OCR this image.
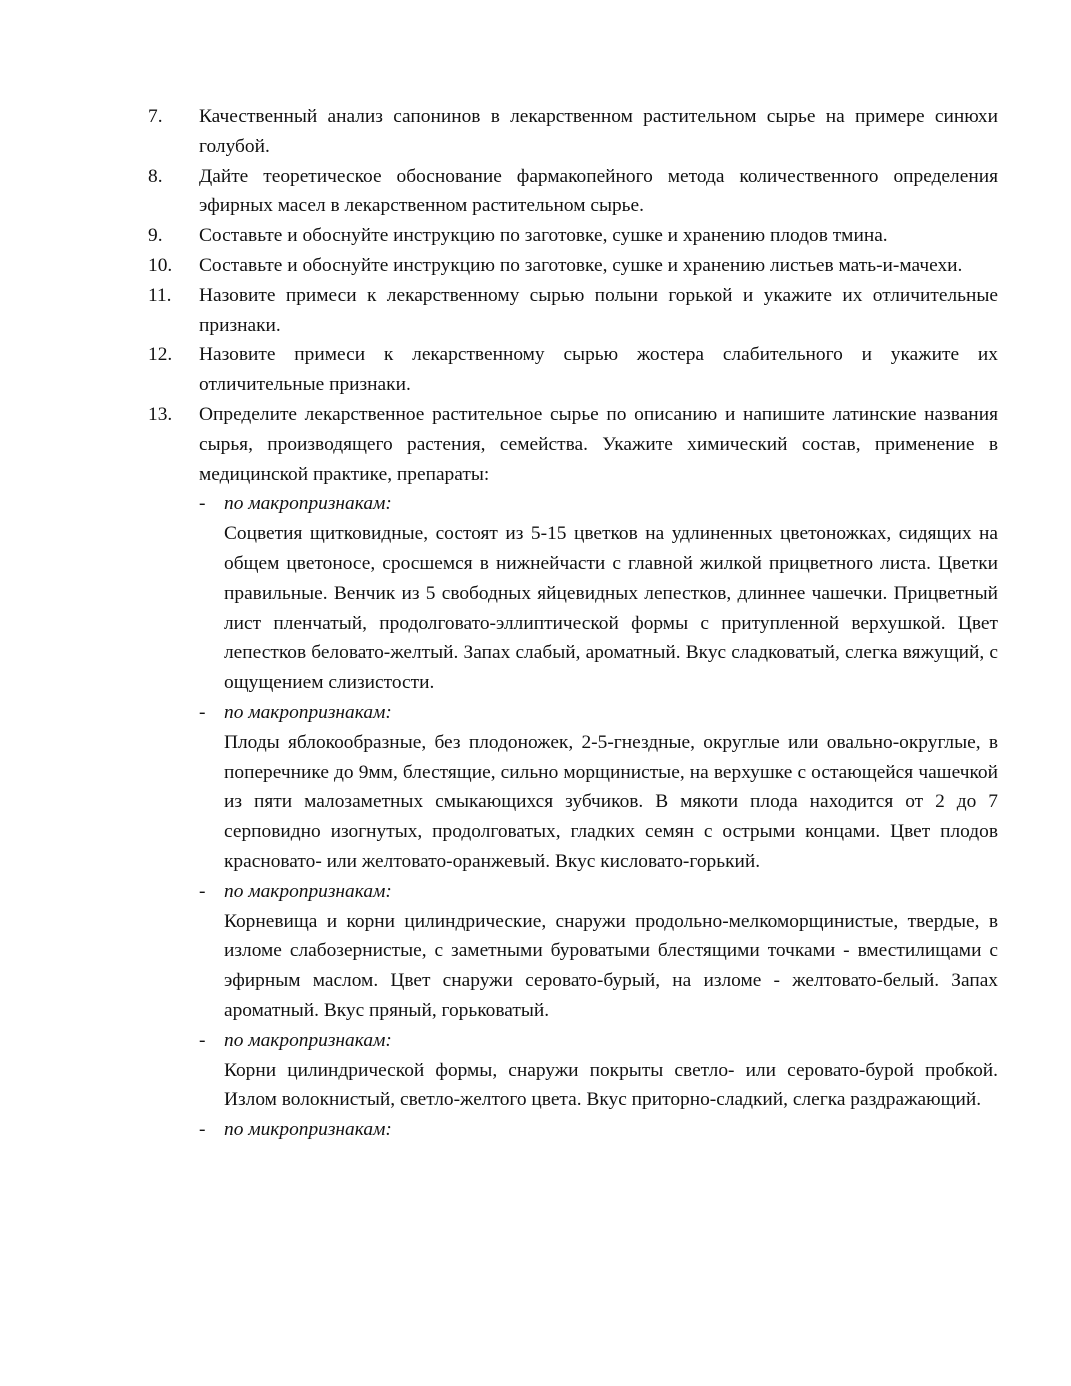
7. Качественный анализ сапонинов в лекарственном растительном сырье на примере синюхи голубой.
8. Дайте теоретическое обоснование фармакопейного метода количественного определения эфирных масел в лекарственном растительном сырье.
9. Составьте и обоснуйте инструкцию по заготовке, сушке и хранению плодов тмина.
10. Составьте и обоснуйте инструкцию по заготовке, сушке и хранению листьев мать-и-мачехи.
11. Назовите примеси к лекарственному сырью полыни горькой и укажите их отличительные признаки.
12. Назовите примеси к лекарственному сырью жостера слабительного и укажите их отличительные признаки.
13. Определите лекарственное растительное сырье по описанию и напишите латинские названия сырья, производящего растения, семейства. Укажите химический состав, применение в медицинской практике, препараты:
- по макропризнакам:
Соцветия щитковидные, состоят из 5-15 цветков на удлиненных цветоножках, сидящих на общем цветоносе, сросшемся в нижнейчасти с главной жилкой прицветного листа. Цветки правильные. Венчик из 5 свободных яйцевидных лепестков, длиннее чашечки. Прицветный лист пленчатый, продолговато-эллиптической формы с притупленной верхушкой. Цвет лепестков беловато-желтый. Запах слабый, ароматный. Вкус сладковатый, слегка вяжущий, с ощущением слизистости.
- по макропризнакам:
Плоды яблокообразные, без плодоножек, 2-5-гнездные, округлые или овально-округлые, в поперечнике до 9мм, блестящие, сильно морщинистые, на верхушке с остающейся чашечкой из пяти малозаметных смыкающихся зубчиков. В мякоти плода находится от 2 до 7 серповидно изогнутых, продолговатых, гладких семян с острыми концами. Цвет плодов красновато- или желтовато-оранжевый. Вкус кисловато-горький.
- по макропризнакам:
Корневища и корни цилиндрические, снаружи продольно-мелкоморщинистые, твердые, в изломе слабозернистые, с заметными буроватыми блестящими точками - вместилищами с эфирным маслом. Цвет снаружи серовато-бурый, на изломе - желтовато-белый. Запах ароматный. Вкус пряный, горьковатый.
- по макропризнакам:
Корни цилиндрической формы, снаружи покрыты светло- или серовато-бурой пробкой. Излом волокнистый, светло-желтого цвета. Вкус приторно-сладкий, слегка раздражающий.
- по микропризнакам:
